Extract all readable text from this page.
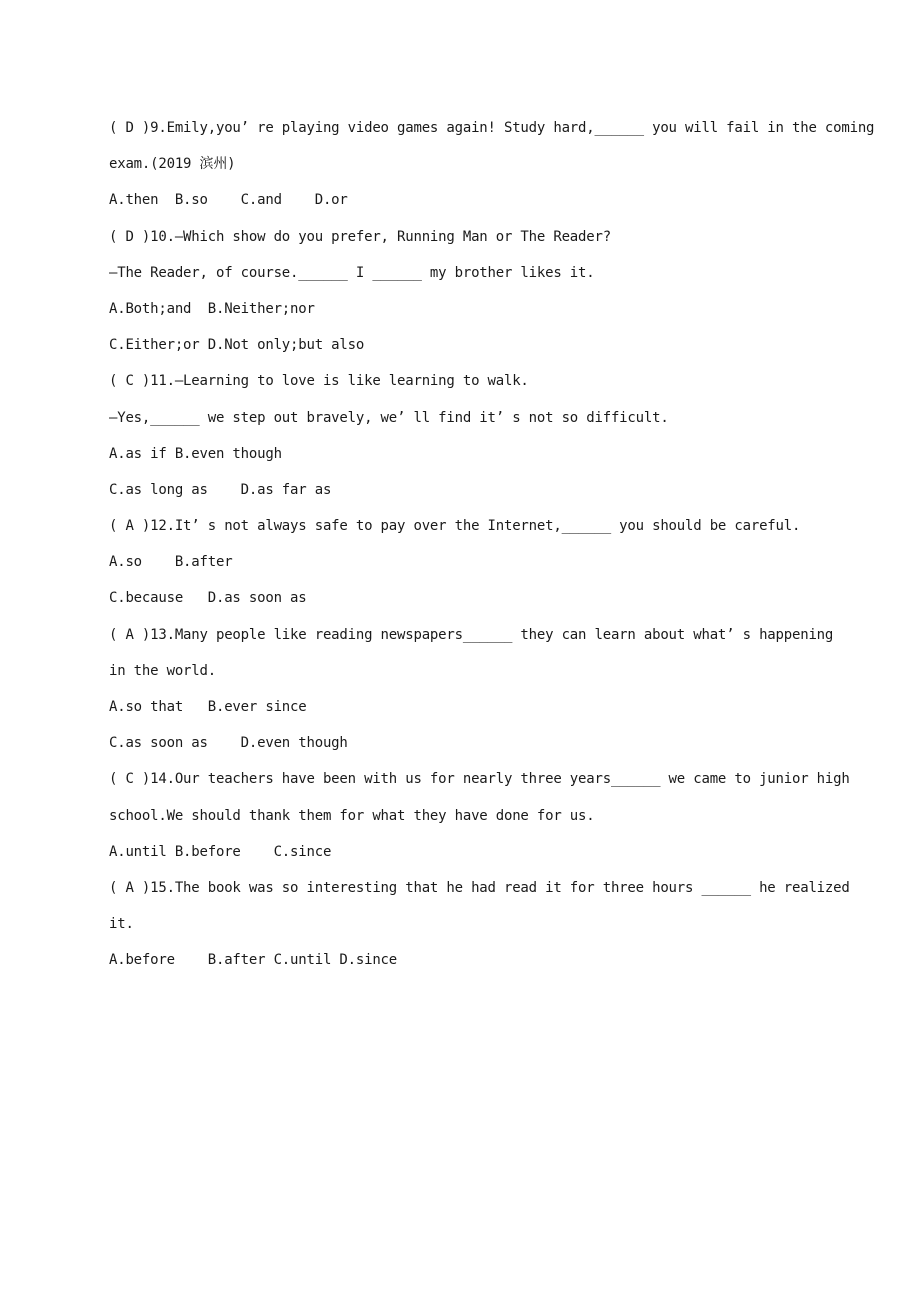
( D )9.Emily,you’ re playing video games again! Study hard,______ you will fail in the coming
exam.(2019 滨州)
A.then  B.so    C.and    D.or
( D )10.—Which show do you prefer, Running Man or The Reader?
—The Reader, of course.______ I ______ my brother likes it.
A.Both;and  B.Neither;nor
C.Either;or D.Not only;but also
( C )11.—Learning to love is like learning to walk.
—Yes,______ we step out bravely, we’ ll find it’ s not so difficult.
A.as if B.even though
C.as long as    D.as far as
( A )12.It’ s not always safe to pay over the Internet,______ you should be careful.
A.so    B.after
C.because   D.as soon as
( A )13.Many people like reading newspapers______ they can learn about what’ s happening
in the world.
A.so that   B.ever since
C.as soon as    D.even though
( C )14.Our teachers have been with us for nearly three years______ we came to junior high
school.We should thank them for what they have done for us.
A.until B.before    C.since
( A )15.The book was so interesting that he had read it for three hours ______ he realized
it.
A.before    B.after C.until D.since
